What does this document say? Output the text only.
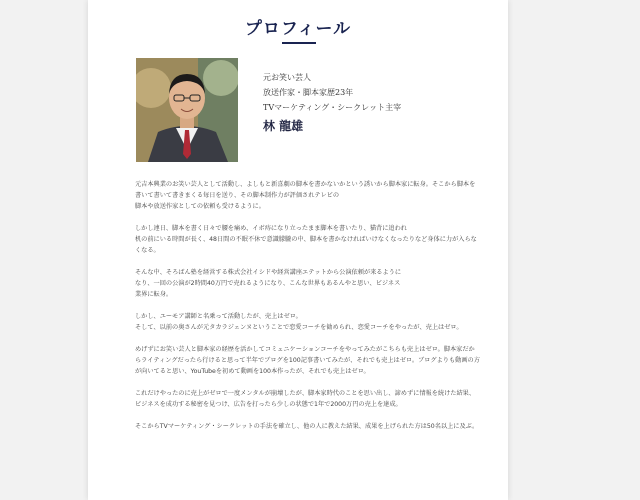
プロフィール
元お笑い芸人
放送作家・脚本家歴23年
TVマーケティング・シークレット主宰
林 龍雄

元吉本興業のお笑い芸人として活動し、よしもと新喜劇の脚本を書かないかという誘いから脚本家に転身。そこから脚本を書いて書いて書きまくる毎日を送り、その脚本制作力が評価されテレビの
脚本や放送作家としての依頼も受けるように。

しかし連日、脚本を書く日々で腰を痛め、イボ痔になり立ったまま脚本を書いたり、猫背に追われ
机の前にいる時間が長く、48日間の不眠不休で意識朦朧の中、脚本を書かなければいけなくなったりなど身体に力が入らなくなる。

そんな中、そろばん塾を経営する株式会社イシドや経営講座エテットから公演依頼が来るように
なり、一回の公演が2時間40万円で売れるようになり、こんな世界もあるんやと思い、ビジネス
業界に転身。

しかし、ユーモア講師と名乗って活動したが、売上はゼロ。
そして、以前の奥さんが元タカラジェンヌということで恋愛コーチを勧められ、恋愛コーチをやったが、売上はゼロ。

めげずにお笑い芸人と脚本家の経歴を活かしてコミュニケーションコーチをやってみたがこちらも売上はゼロ。脚本家だからライティングだったら行けると思って半年でブログを100記事書いてみたが、それでも売上はゼロ。ブログよりも動画の方が向いてると思い、YouTubeを初めて動画を100本作ったが、それでも売上はゼロ。

これだけやったのに売上がゼロで一度メンタルが崩壊したが、脚本家時代のことを思い出し、諦めずに情報を続けた結果、ビジネスを成功する秘密を見つけ、広告を打ったら少しの状態で1年で2000万円の売上を達成。

そこからTVマーケティング・シークレットの手法を確立し、他の人に教えた結果、成果を上げられた方は50名以上に及ぶ。
